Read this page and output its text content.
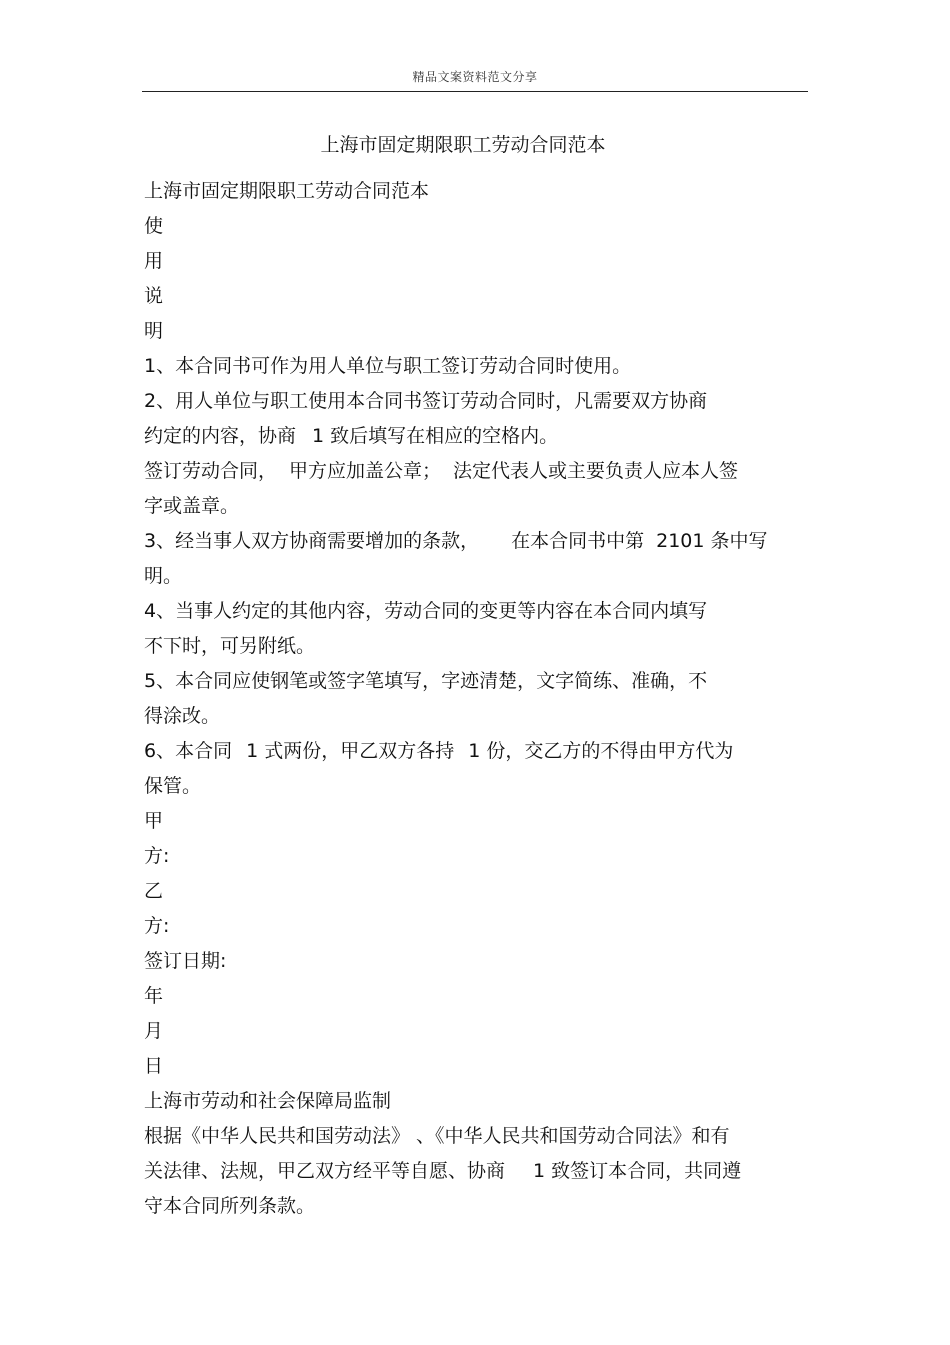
精品文案资料范文分享
上海市固定期限职工劳动合同范本
上海市固定期限职工劳动合同范本
使
用
说
明
1、本合同书可作为用人单位与职工签订劳动合同时使用。
2、用人单位与职工使用本合同书签订劳动合同时，凡需要双方协商
约定的内容，协商 1 致后填写在相应的空格内。
签订劳动合同， 甲方应加盖公章； 法定代表人或主要负责人应本人签
字或盖章。
3、经当事人双方协商需要增加的条款， 在本合同书中第 2101 条中写
明。
4、当事人约定的其他内容，劳动合同的变更等内容在本合同内填写
不下时，可另附纸。
5、本合同应使钢笔或签字笔填写，字迹清楚，文字简练、准确，不
得涂改。
6、本合同 1 式两份，甲乙双方各持 1 份，交乙方的不得由甲方代为
保管。
甲
方:
乙
方:
签订日期:
年
月
日
上海市劳动和社会保障局监制
根据《中华人民共和国劳动法》 、《中华人民共和国劳动合同法》和有
关法律、法规，甲乙双方经平等自愿、协商 1 致签订本合同，共同遵
守本合同所列条款。
